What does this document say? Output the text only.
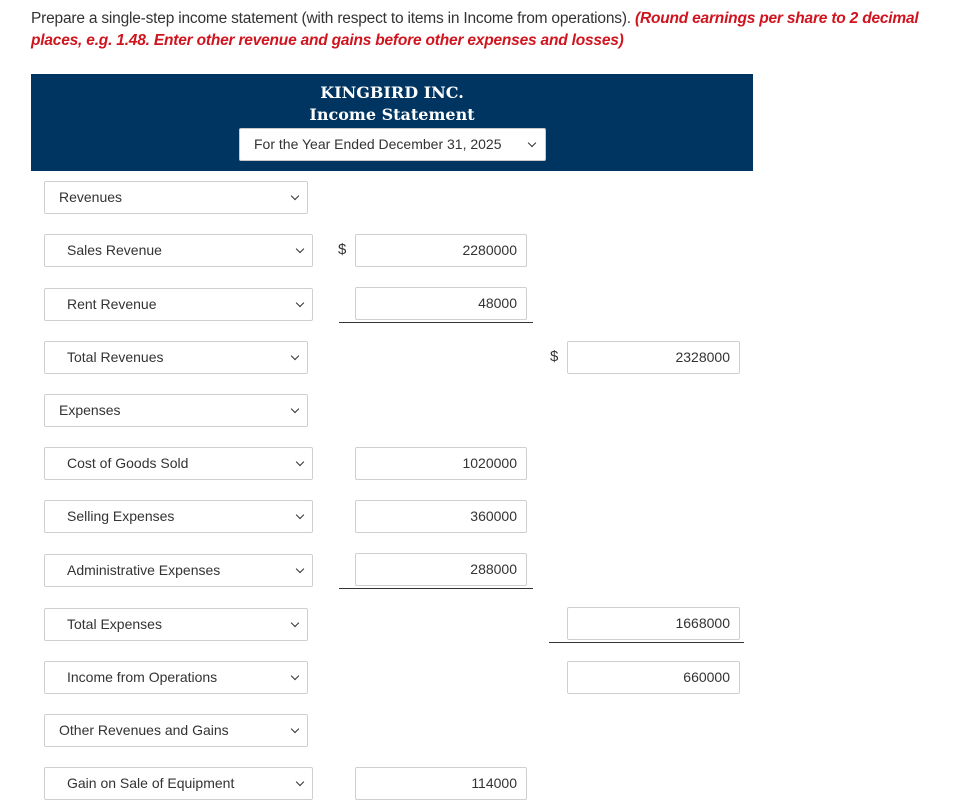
Prepare a single-step income statement (with respect to items in Income from operations). (Round earnings per share to 2 decimal places, e.g. 1.48. Enter other revenue and gains before other expenses and losses)
KINGBIRD INC.
Income Statement
For the Year Ended December 31, 2025
Revenues
Sales Revenue	$	2280000
Rent Revenue	48000
Total Revenues	$	2328000
Expenses
Cost of Goods Sold	1020000
Selling Expenses	360000
Administrative Expenses	288000
Total Expenses	1668000
Income from Operations	660000
Other Revenues and Gains
Gain on Sale of Equipment	114000
